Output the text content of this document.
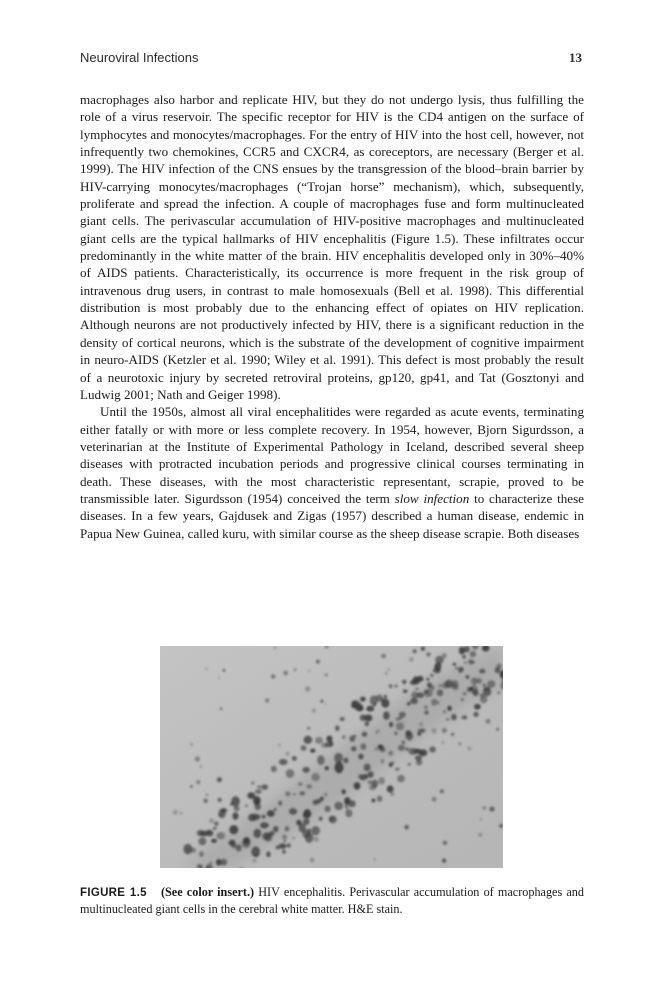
Neuroviral Infections	13

macrophages also harbor and replicate HIV, but they do not undergo lysis, thus fulfilling the role of a virus reservoir. The specific receptor for HIV is the CD4 antigen on the surface of lymphocytes and monocytes/macrophages. For the entry of HIV into the host cell, however, not infrequently two chemokines, CCR5 and CXCR4, as coreceptors, are necessary (Berger et al. 1999). The HIV infection of the CNS ensues by the transgression of the blood–brain barrier by HIV-carrying monocytes/macrophages (“Trojan horse” mechanism), which, subsequently, proliferate and spread the infection. A couple of macrophages fuse and form multinucleated giant cells. The perivascular accumulation of HIV-positive macrophages and multinucleated giant cells are the typical hallmarks of HIV encephalitis (Figure 1.5). These infiltrates occur predominantly in the white matter of the brain. HIV encephalitis developed only in 30%–40% of AIDS patients. Characteristically, its occurrence is more frequent in the risk group of intravenous drug users, in contrast to male homosexuals (Bell et al. 1998). This differential distribution is most probably due to the enhancing effect of opiates on HIV replication. Although neurons are not productively infected by HIV, there is a significant reduction in the density of cortical neurons, which is the substrate of the development of cognitive impairment in neuro-AIDS (Ketzler et al. 1990; Wiley et al. 1991). This defect is most probably the result of a neurotoxic injury by secreted retroviral proteins, gp120, gp41, and Tat (Gosztonyi and Ludwig 2001; Nath and Geiger 1998).

Until the 1950s, almost all viral encephalitides were regarded as acute events, terminating either fatally or with more or less complete recovery. In 1954, however, Bjorn Sigurdsson, a veterinarian at the Institute of Experimental Pathology in Iceland, described several sheep diseases with protracted incubation periods and progressive clinical courses terminating in death. These diseases, with the most characteristic representant, scrapie, proved to be transmissible later. Sigurdsson (1954) conceived the term slow infection to characterize these diseases. In a few years, Gajdusek and Zigas (1957) described a human disease, endemic in Papua New Guinea, called kuru, with similar course as the sheep disease scrapie. Both diseases

FIGURE 1.5 (See color insert.) HIV encephalitis. Perivascular accumulation of macrophages and multinucleated giant cells in the cerebral white matter. H&E stain.
